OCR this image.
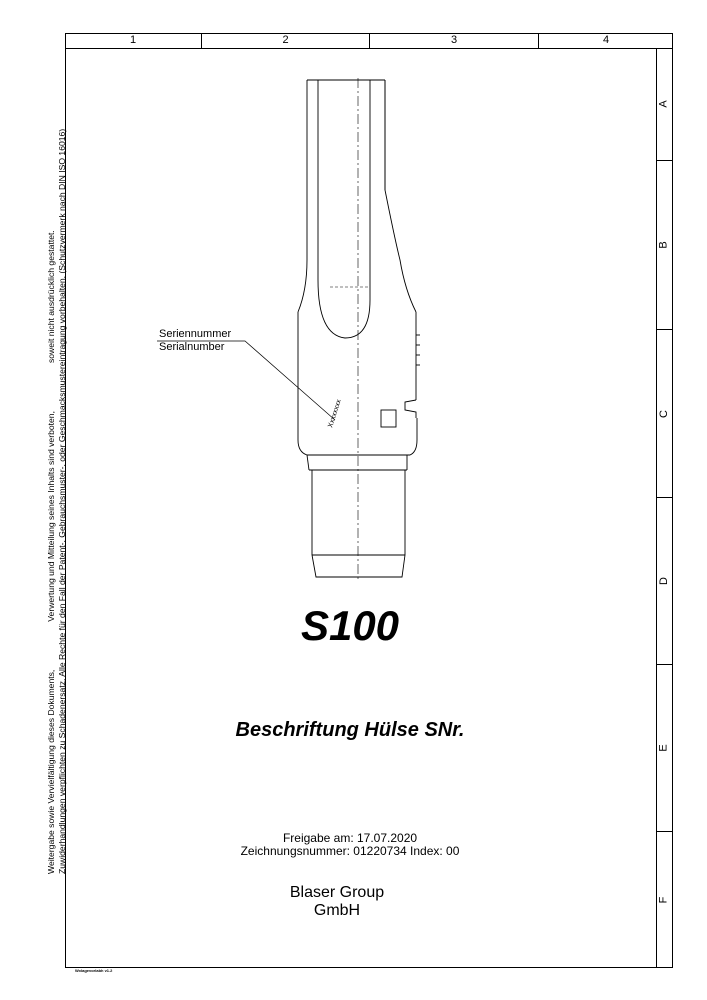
1	2	3	4
A
B
C
D
E
F
Weitergabe sowie Vervielfältigung dieses Dokuments,
Verwertung und Mitteilung seines Inhalts sind verboten,
soweit nicht ausdrücklich gestattet. Zuwiderhandlungen verpflichten zu Schadenersatz. Alle Rechte für den Fall der Patent-, Gebrauchsmuster-, oder Geschmacksmustereintragung vorbehalten. (Schutzvermerk nach DIN ISO 16016)	Xxxxxxxx
Seriennummer
Serialnumber
S100
Beschriftung Hülse SNr.
Freigabe am: 17.07.2020
Zeichnungsnummer: 01220734 Index: 00
Blaser Group
GmbH
Wxlagevorlabh v1.2
